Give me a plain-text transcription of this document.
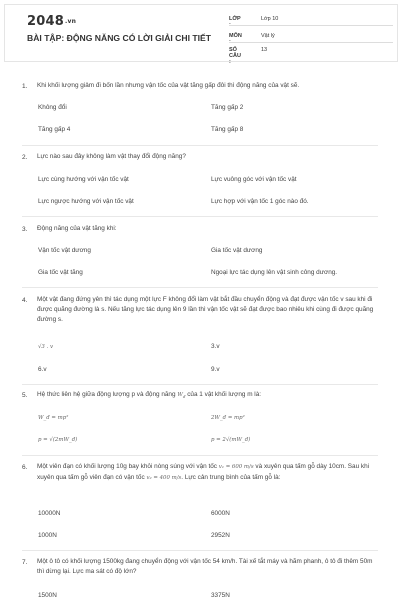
2048.vn
BÀI TẬP: ĐỘNG NĂNG CÓ LỜI GIẢI CHI TIẾT
LỚP :
Lớp 10
MÔN :
Vật lý
SỐ CÂU :
13
1. Khi khối lượng giảm đi bốn lần nhưng vận tốc của vật tăng gấp đôi thì động năng của vật sẽ.
Không đổi	Tăng gấp 2
Tăng gấp 4	Tăng gấp 8
2. Lực nào sau đây không làm vật thay đổi động năng?
Lực cùng hướng với vận tốc vật	Lực vuông góc với vận tốc vật
Lực ngược hướng với vận tốc vật	Lực hợp với vận tốc 1 góc nào đó.
3. Động năng của vật tăng khi:
Vận tốc vật dương	Gia tốc vật dương
Gia tốc vật tăng	Ngoại lực tác dụng lên vật sinh công dương.
4. Một vật đang đứng yên thì tác dụng một lực F không đổi làm vật bắt đầu chuyển động và đạt được vận tốc v sau khi đi được quãng đường là s. Nếu tăng lực tác dụng lên 9 lần thì vận tốc vật sẽ đạt được bao nhiêu khi cùng đi được quãng đường s.
√3 . v	3.v
6.v	9.v
5. Hệ thức liên hệ giữa động lượng p và động năng $W_đ$ của 1 vật khối lượng m là:
W_đ = mp²	2W_đ = mp²
p = √(2mW_đ)	p = 2√(mW_đ)
6. Một viên đạn có khối lượng 10g bay khỏi nòng súng với vận tốc v₁ = 600 m/s và xuyên qua tấm gỗ dày 10cm. Sau khi xuyên qua tấm gỗ viên đạn có vận tốc v₂ = 400 m/s. Lực cản trung bình của tấm gỗ là:
10000N	6000N
1000N	2952N
7. Một ô tô có khối lượng 1500kg đang chuyển động với vận tốc 54 km/h. Tài xế tắt máy và hãm phanh, ô tô đi thêm 50m thì dừng lại. Lực ma sát có độ lớn?
1500N	3375N
